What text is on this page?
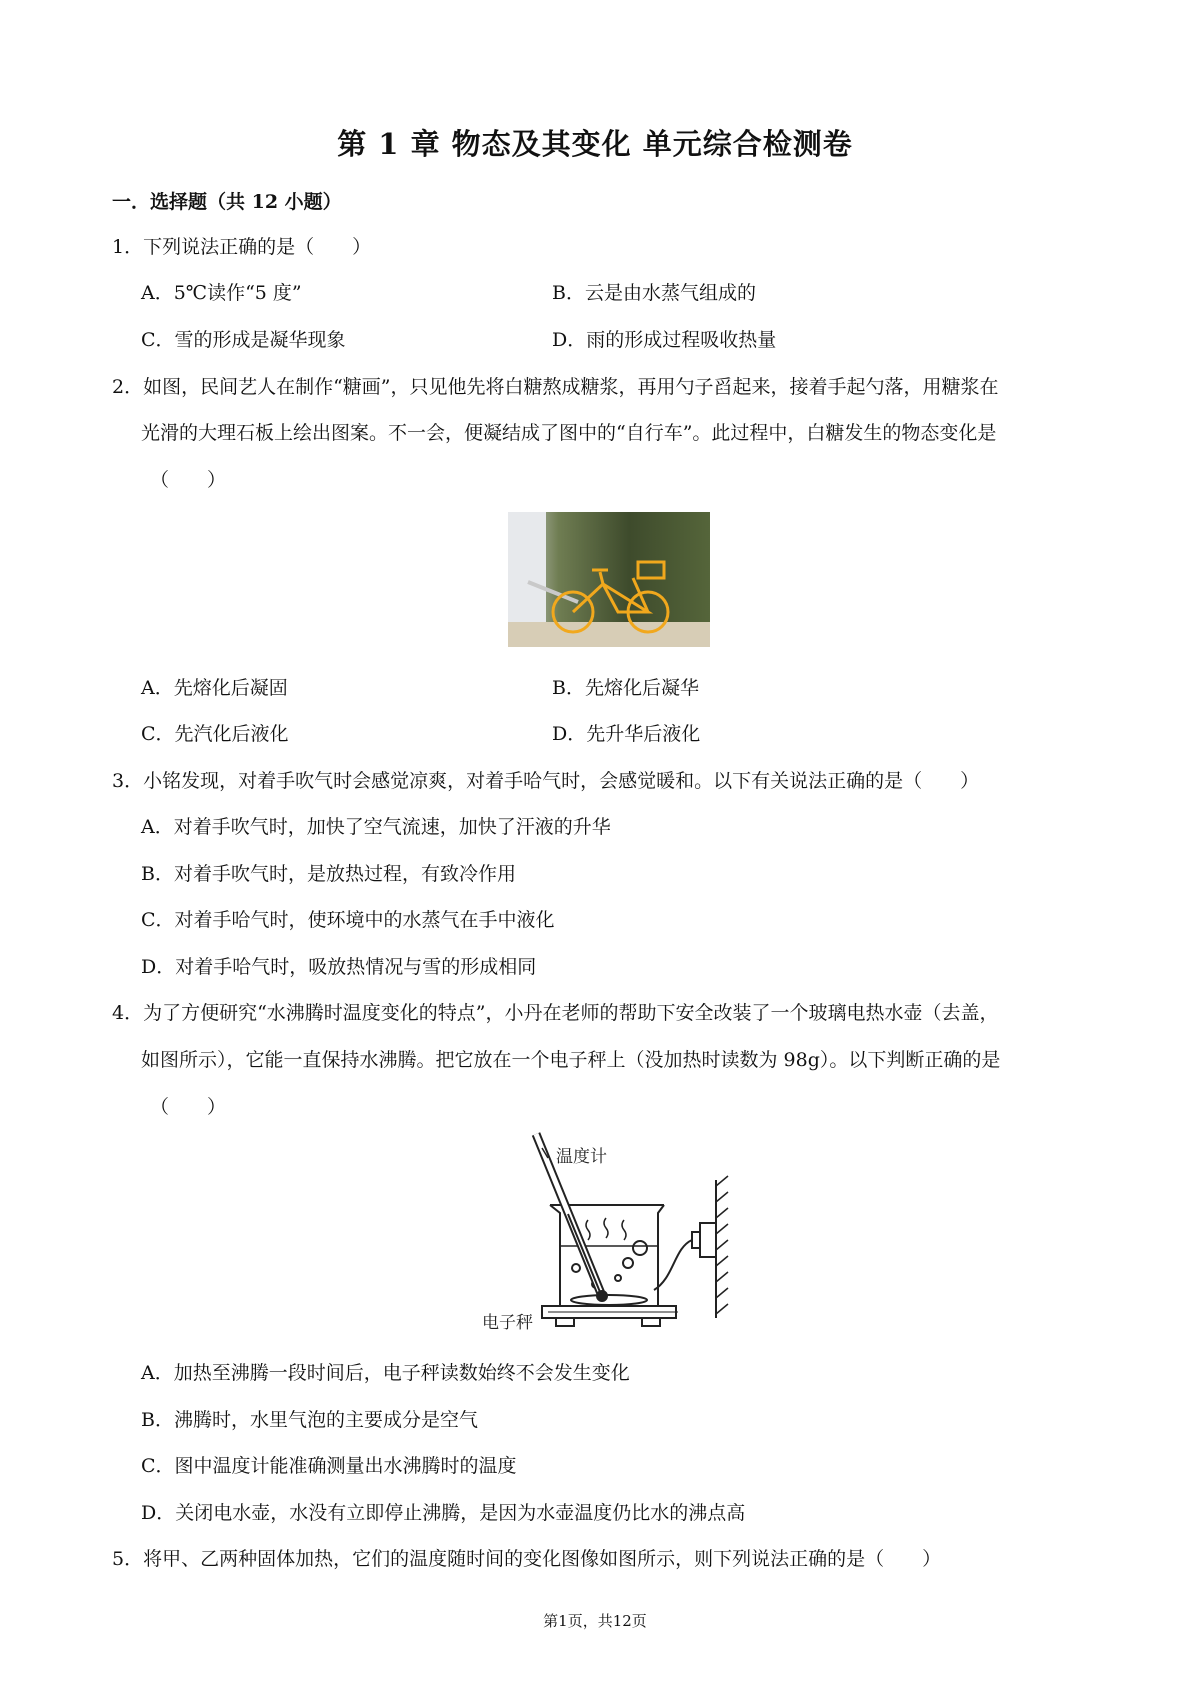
第 1 章 物态及其变化 单元综合检测卷
一．选择题（共 12 小题）
1．下列说法正确的是（　　）
A．5℃读作“5 度”	B．云是由水蒸气组成的
C．雪的形成是凝华现象	D．雨的形成过程吸收热量
2．如图，民间艺人在制作“糖画”，只见他先将白糖熬成糖浆，再用勺子舀起来，接着手起勺落，用糖浆在
光滑的大理石板上绘出图案。不一会，便凝结成了图中的“自行车”。此过程中，白糖发生的物态变化是
（　　）
A．先熔化后凝固	B．先熔化后凝华
C．先汽化后液化	D．先升华后液化
3．小铭发现，对着手吹气时会感觉凉爽，对着手哈气时，会感觉暖和。以下有关说法正确的是（　　）
A．对着手吹气时，加快了空气流速，加快了汗液的升华
B．对着手吹气时，是放热过程，有致冷作用
C．对着手哈气时，使环境中的水蒸气在手中液化
D．对着手哈气时，吸放热情况与雪的形成相同
4．为了方便研究“水沸腾时温度变化的特点”，小丹在老师的帮助下安全改装了一个玻璃电热水壶（去盖，
如图所示），它能一直保持水沸腾。把它放在一个电子秤上（没加热时读数为 98g）。以下判断正确的是
（　　）
温度计
电子秤
A．加热至沸腾一段时间后，电子秤读数始终不会发生变化
B．沸腾时，水里气泡的主要成分是空气
C．图中温度计能准确测量出水沸腾时的温度
D．关闭电水壶，水没有立即停止沸腾，是因为水壶温度仍比水的沸点高
5．将甲、乙两种固体加热，它们的温度随时间的变化图像如图所示，则下列说法正确的是（　　）
第1页，共12页
